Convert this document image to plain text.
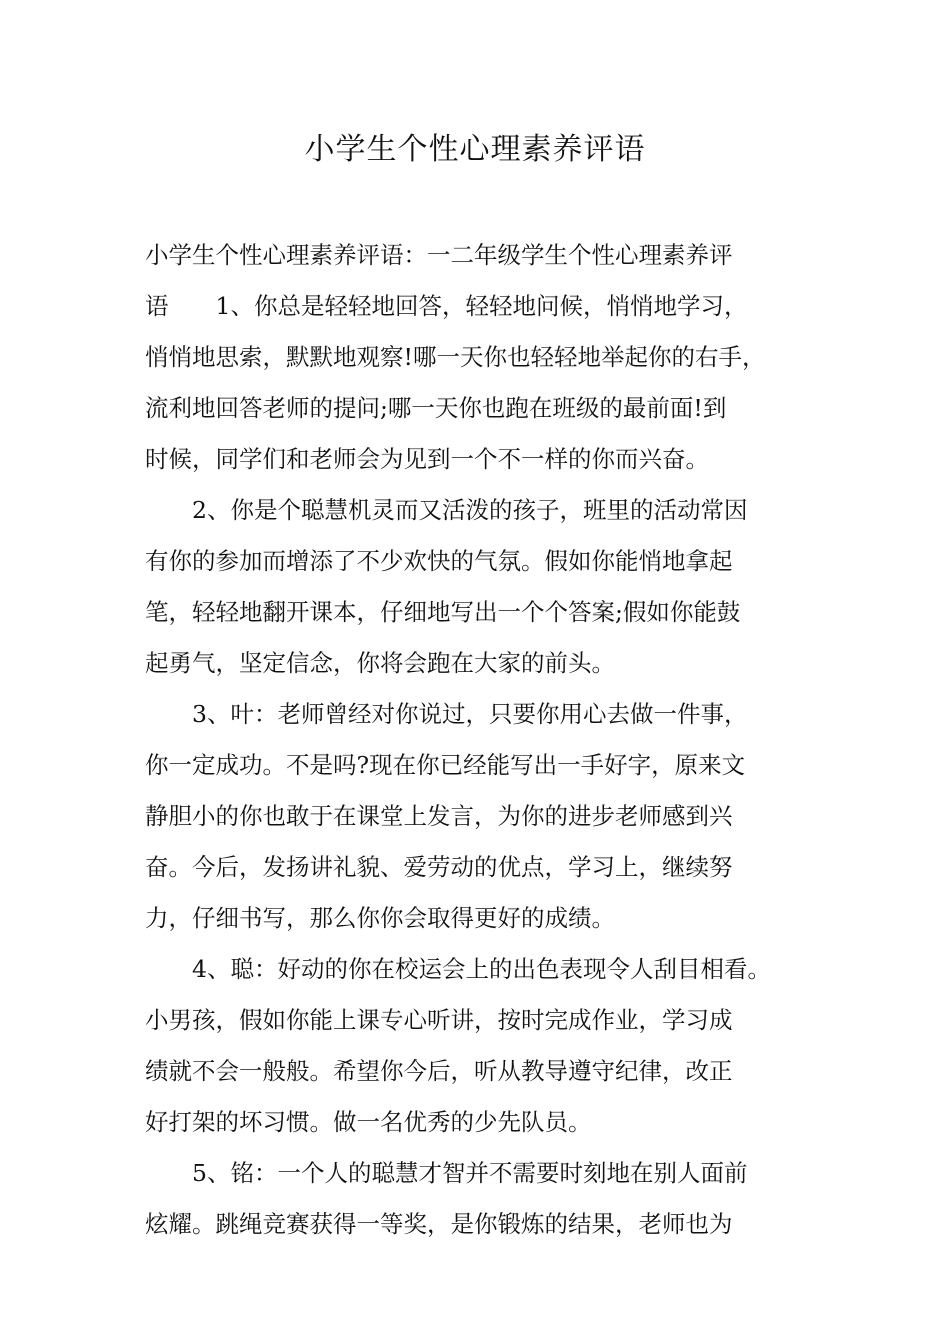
小学生个性心理素养评语
小学生个性心理素养评语：一二年级学生个性心理素养评
语　　1、你总是轻轻地回答，轻轻地问候，悄悄地学习，
悄悄地思索，默默地观察!哪一天你也轻轻地举起你的右手，
流利地回答老师的提问;哪一天你也跑在班级的最前面!到
时候，同学们和老师会为见到一个不一样的你而兴奋。
　　2、你是个聪慧机灵而又活泼的孩子，班里的活动常因
有你的参加而增添了不少欢快的气氛。假如你能悄地拿起
笔，轻轻地翻开课本，仔细地写出一个个答案;假如你能鼓
起勇气，坚定信念，你将会跑在大家的前头。
　　3、叶：老师曾经对你说过，只要你用心去做一件事，
你一定成功。不是吗?现在你已经能写出一手好字，原来文
静胆小的你也敢于在课堂上发言，为你的进步老师感到兴
奋。今后，发扬讲礼貌、爱劳动的优点，学习上，继续努
力，仔细书写，那么你你会取得更好的成绩。
　　4、聪：好动的你在校运会上的出色表现令人刮目相看。
小男孩，假如你能上课专心听讲，按时完成作业，学习成
绩就不会一般般。希望你今后，听从教导遵守纪律，改正
好打架的坏习惯。做一名优秀的少先队员。
　　5、铭：一个人的聪慧才智并不需要时刻地在别人面前
炫耀。跳绳竞赛获得一等奖，是你锻炼的结果，老师也为
